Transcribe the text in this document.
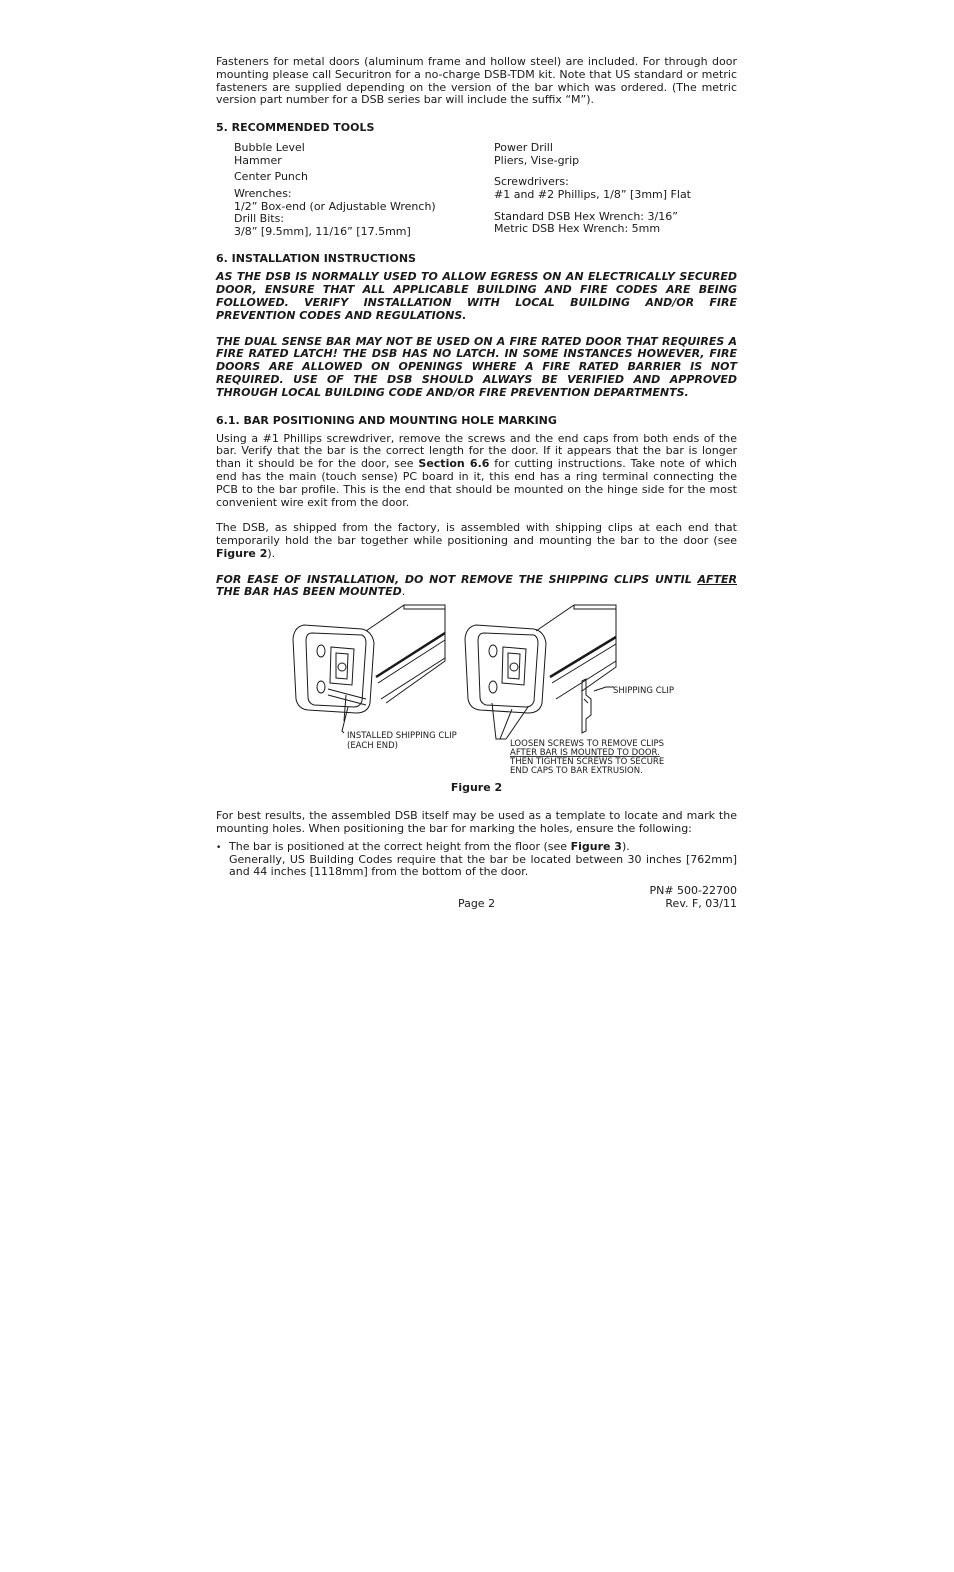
Fasteners for metal doors (aluminum frame and hollow steel) are included. For through door mounting please call Securitron for a no-charge DSB-TDM kit. Note that US standard or metric fasteners are supplied depending on the version of the bar which was ordered. (The metric version part number for a DSB series bar will include the suffix “M”).

5. RECOMMENDED TOOLS
Bubble Level
Hammer
Center Punch
Wrenches:
1/2” Box-end (or Adjustable Wrench)
Drill Bits:
3/8” [9.5mm], 11/16” [17.5mm]
Power Drill
Pliers, Vise-grip
Screwdrivers:
#1 and #2 Phillips, 1/8” [3mm] Flat
Standard DSB Hex Wrench: 3/16”
Metric DSB Hex Wrench: 5mm
6. INSTALLATION INSTRUCTIONS

AS THE DSB IS NORMALLY USED TO ALLOW EGRESS ON AN ELECTRICALLY SECURED DOOR, ENSURE THAT ALL APPLICABLE BUILDING AND FIRE CODES ARE BEING FOLLOWED. VERIFY INSTALLATION WITH LOCAL BUILDING AND/OR FIRE PREVENTION CODES AND REGULATIONS.

THE DUAL SENSE BAR MAY NOT BE USED ON A FIRE RATED DOOR THAT REQUIRES A FIRE RATED LATCH! THE DSB HAS NO LATCH. IN SOME INSTANCES HOWEVER, FIRE DOORS ARE ALLOWED ON OPENINGS WHERE A FIRE RATED BARRIER IS NOT REQUIRED. USE OF THE DSB SHOULD ALWAYS BE VERIFIED AND APPROVED THROUGH LOCAL BUILDING CODE AND/OR FIRE PREVENTION DEPARTMENTS.

6.1. BAR POSITIONING AND MOUNTING HOLE MARKING

Using a #1 Phillips screwdriver, remove the screws and the end caps from both ends of the bar. Verify that the bar is the correct length for the door. If it appears that the bar is longer than it should be for the door, see Section 6.6 for cutting instructions. Take note of which end has the main (touch sense) PC board in it, this end has a ring terminal connecting the PCB to the bar profile. This is the end that should be mounted on the hinge side for the most convenient wire exit from the door.

The DSB, as shipped from the factory, is assembled with shipping clips at each end that temporarily hold the bar together while positioning and mounting the bar to the door (see Figure 2).

FOR EASE OF INSTALLATION, DO NOT REMOVE THE SHIPPING CLIPS UNTIL AFTER THE BAR HAS BEEN MOUNTED.

INSTALLED SHIPPING CLIP
(EACH END)
SHIPPING CLIP
LOOSEN SCREWS TO REMOVE CLIPS
AFTER BAR IS MOUNTED TO DOOR.
THEN TIGHTEN SCREWS TO SECURE
END CAPS TO BAR EXTRUSION.
Figure 2

For best results, the assembled DSB itself may be used as a template to locate and mark the mounting holes. When positioning the bar for marking the holes, ensure the following:

• The bar is positioned at the correct height from the floor (see Figure 3).

Generally, US Building Codes require that the bar be located between 30 inches [762mm] and 44 inches [1118mm] from the bottom of the door.

PN# 500-22700
Page 2	Rev. F, 03/11
